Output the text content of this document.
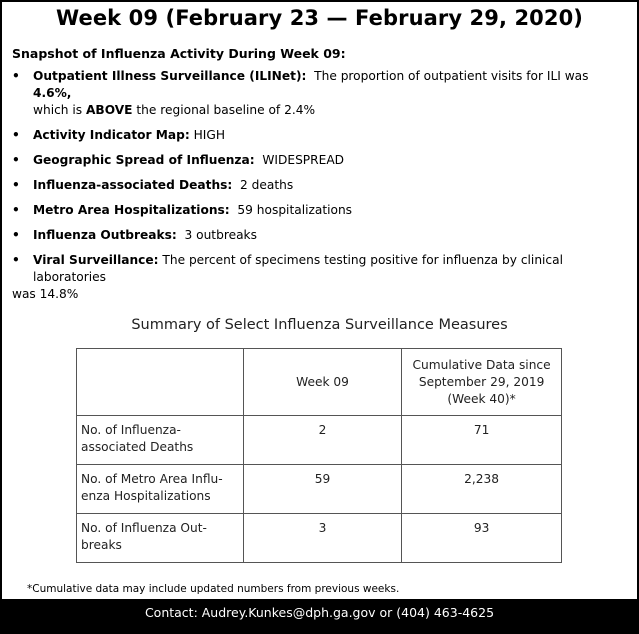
Week 09 (February 23 — February 29, 2020)
Snapshot of Influenza Activity During Week 09:
• Outpatient Illness Surveillance (ILINet): The proportion of outpatient visits for ILI was 4.6%,
which is ABOVE the regional baseline of 2.4%
• Activity Indicator Map: HIGH
• Geographic Spread of Influenza: WIDESPREAD
• Influenza-associated Deaths: 2 deaths
• Metro Area Hospitalizations: 59 hospitalizations
• Influenza Outbreaks: 3 outbreaks
• Viral Surveillance: The percent of specimens testing positive for influenza by clinical laboratories

was 14.8%
Summary of Select Influenza Surveillance Measures
	Week 09	Cumulative Data since
September 29, 2019
(Week 40)*
No. of Influenza-
associated Deaths	2	71
No. of Metro Area Influ-
enza Hospitalizations	59	2,238
No. of Influenza Out-
breaks	3	93
*Cumulative data may include updated numbers from previous weeks.
Contact: Audrey.Kunkes@dph.ga.gov or (404) 463-4625
